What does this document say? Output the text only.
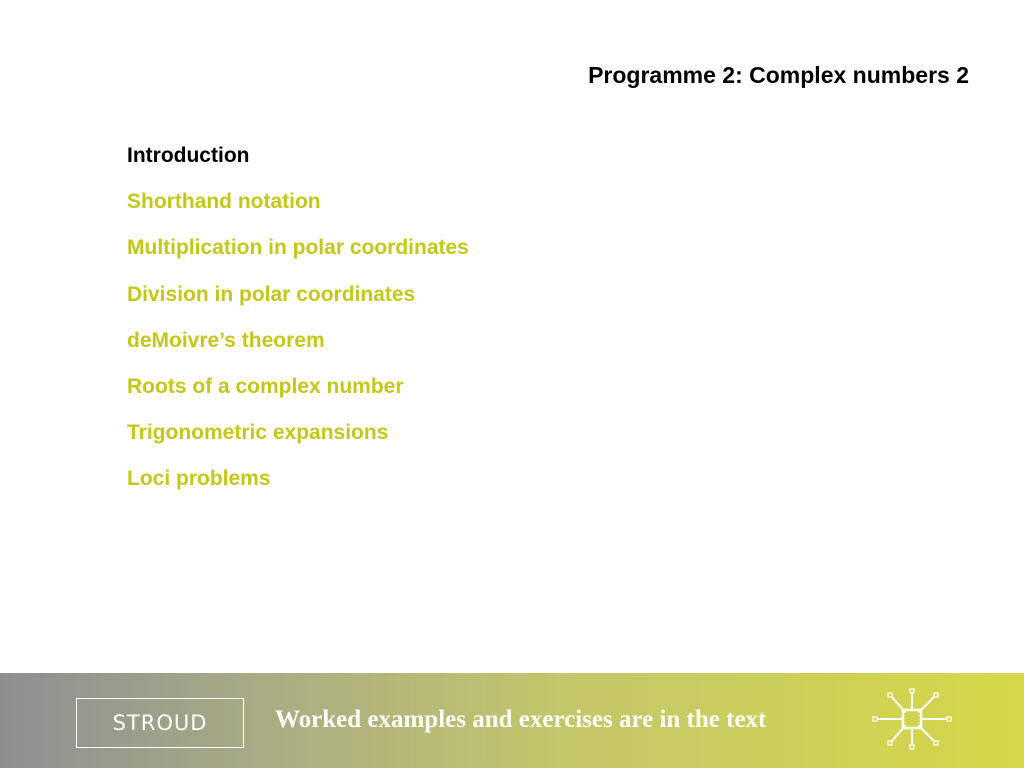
Programme 2: Complex numbers 2
Introduction
Shorthand notation
Multiplication in polar coordinates
Division in polar coordinates
deMoivre’s theorem
Roots of a complex number
Trigonometric expansions
Loci problems
STROUD	Worked examples and exercises are in the text
